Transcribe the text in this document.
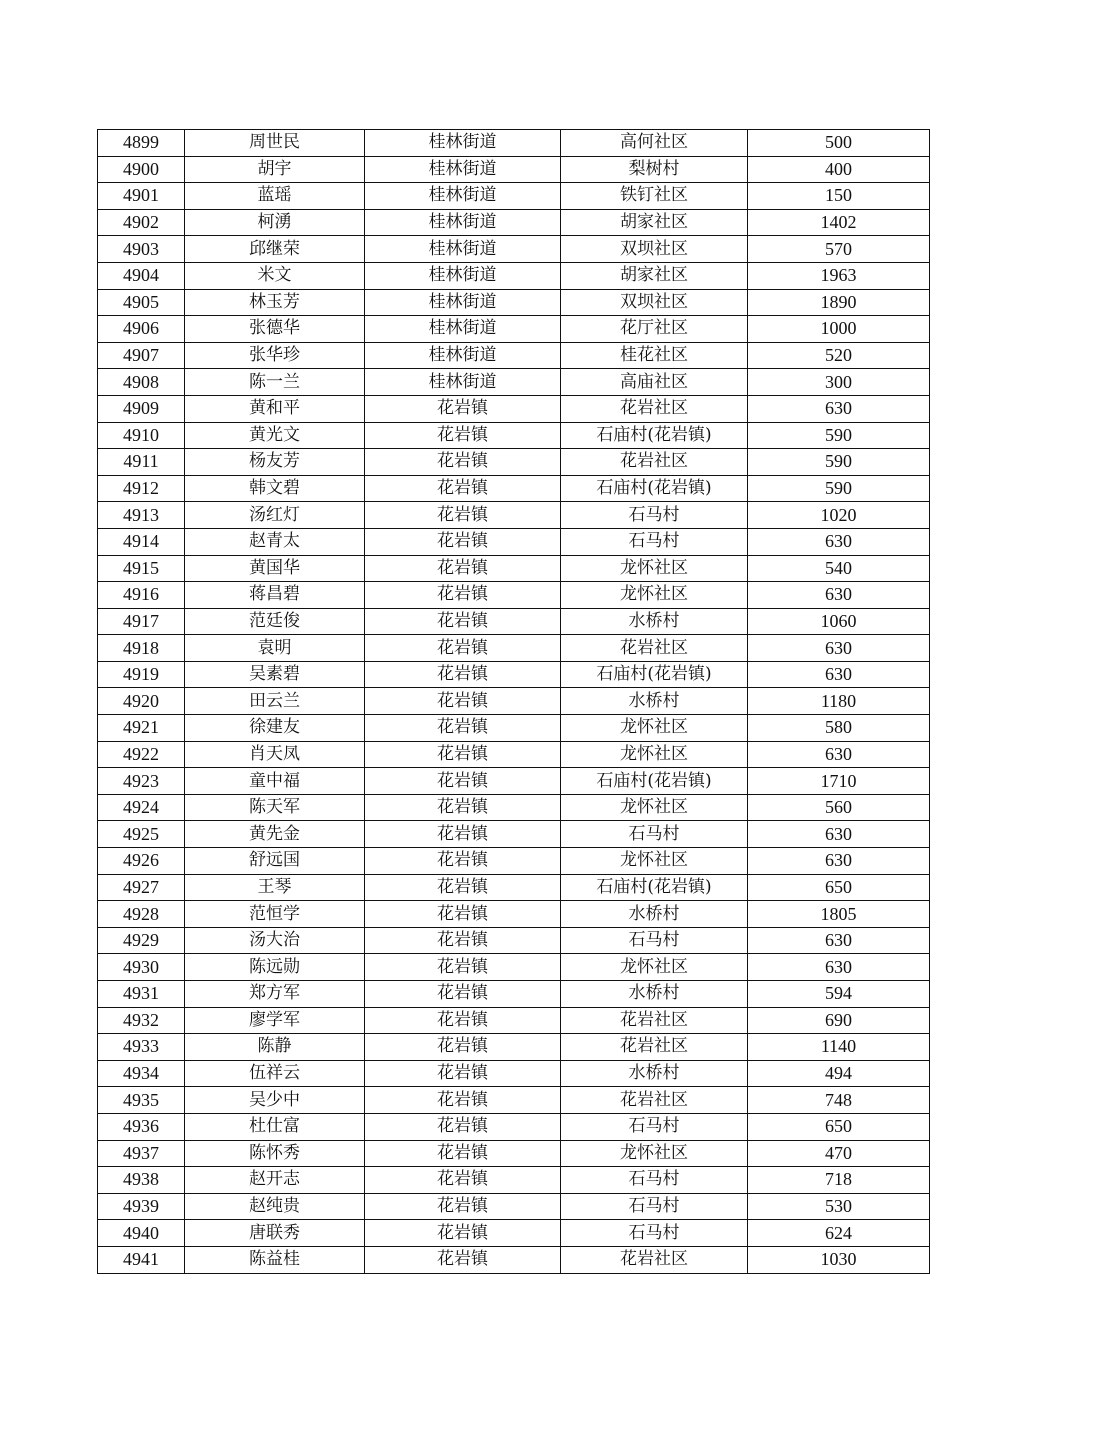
4899	周世民	桂林街道	高何社区	500
4900	胡宇	桂林街道	梨树村	400
4901	蓝瑶	桂林街道	铁钉社区	150
4902	柯湧	桂林街道	胡家社区	1402
4903	邱继荣	桂林街道	双坝社区	570
4904	米文	桂林街道	胡家社区	1963
4905	林玉芳	桂林街道	双坝社区	1890
4906	张德华	桂林街道	花厅社区	1000
4907	张华珍	桂林街道	桂花社区	520
4908	陈一兰	桂林街道	高庙社区	300
4909	黄和平	花岩镇	花岩社区	630
4910	黄光文	花岩镇	石庙村(花岩镇)	590
4911	杨友芳	花岩镇	花岩社区	590
4912	韩文碧	花岩镇	石庙村(花岩镇)	590
4913	汤红灯	花岩镇	石马村	1020
4914	赵青太	花岩镇	石马村	630
4915	黄国华	花岩镇	龙怀社区	540
4916	蒋昌碧	花岩镇	龙怀社区	630
4917	范廷俊	花岩镇	水桥村	1060
4918	袁明	花岩镇	花岩社区	630
4919	吴素碧	花岩镇	石庙村(花岩镇)	630
4920	田云兰	花岩镇	水桥村	1180
4921	徐建友	花岩镇	龙怀社区	580
4922	肖天凤	花岩镇	龙怀社区	630
4923	童中福	花岩镇	石庙村(花岩镇)	1710
4924	陈天军	花岩镇	龙怀社区	560
4925	黄先金	花岩镇	石马村	630
4926	舒远国	花岩镇	龙怀社区	630
4927	王琴	花岩镇	石庙村(花岩镇)	650
4928	范恒学	花岩镇	水桥村	1805
4929	汤大治	花岩镇	石马村	630
4930	陈远勋	花岩镇	龙怀社区	630
4931	郑方军	花岩镇	水桥村	594
4932	廖学军	花岩镇	花岩社区	690
4933	陈静	花岩镇	花岩社区	1140
4934	伍祥云	花岩镇	水桥村	494
4935	吴少中	花岩镇	花岩社区	748
4936	杜仕富	花岩镇	石马村	650
4937	陈怀秀	花岩镇	龙怀社区	470
4938	赵开志	花岩镇	石马村	718
4939	赵纯贵	花岩镇	石马村	530
4940	唐联秀	花岩镇	石马村	624
4941	陈益桂	花岩镇	花岩社区	1030
